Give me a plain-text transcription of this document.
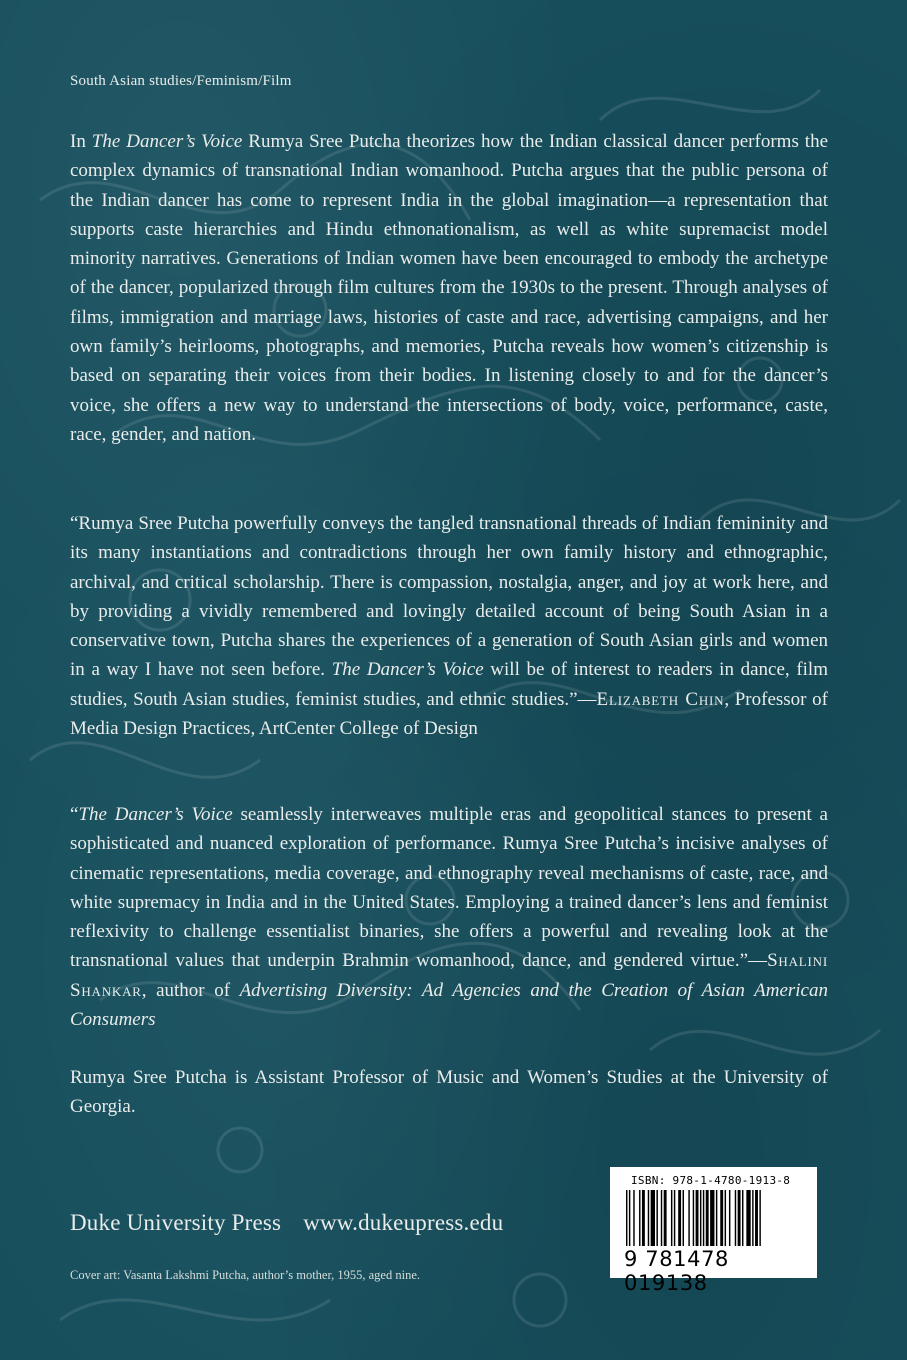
South Asian studies/Feminism/Film
In The Dancer’s Voice Rumya Sree Putcha theorizes how the Indian classical dancer performs the complex dynamics of transnational Indian womanhood. Putcha argues that the public persona of the Indian dancer has come to represent India in the global imagination—a representation that supports caste hierarchies and Hindu ethnonationalism, as well as white supremacist model minority narratives. Generations of Indian women have been encouraged to embody the archetype of the dancer, popularized through film cultures from the 1930s to the present. Through analyses of films, immigration and marriage laws, histories of caste and race, advertising campaigns, and her own family’s heirlooms, photographs, and memories, Putcha reveals how women’s citizenship is based on separating their voices from their bodies. In listening closely to and for the dancer’s voice, she offers a new way to understand the intersections of body, voice, performance, caste, race, gender, and nation.
“Rumya Sree Putcha powerfully conveys the tangled transnational threads of Indian femininity and its many instantiations and contradictions through her own family history and ethnographic, archival, and critical scholarship. There is compassion, nostalgia, anger, and joy at work here, and by providing a vividly remembered and lovingly detailed account of being South Asian in a conservative town, Putcha shares the experiences of a generation of South Asian girls and women in a way I have not seen before. The Dancer’s Voice will be of interest to readers in dance, film studies, South Asian studies, feminist studies, and ethnic studies.”—Elizabeth Chin, Professor of Media Design Practices, ArtCenter College of Design
“The Dancer’s Voice seamlessly interweaves multiple eras and geopolitical stances to present a sophisticated and nuanced exploration of performance. Rumya Sree Putcha’s incisive analyses of cinematic representations, media coverage, and ethnography reveal mechanisms of caste, race, and white supremacy in India and in the United States. Employing a trained dancer’s lens and feminist reflexivity to challenge essentialist binaries, she offers a powerful and revealing look at the transnational values that underpin Brahmin womanhood, dance, and gendered virtue.”—Shalini Shankar, author of Advertising Diversity: Ad Agencies and the Creation of Asian American Consumers
Rumya Sree Putcha is Assistant Professor of Music and Women’s Studies at the University of Georgia.
Duke University Press www.dukeupress.edu
Cover art: Vasanta Lakshmi Putcha, author’s mother, 1955, aged nine.
ISBN: 978-1-4780-1913-8
9 781478 019138
